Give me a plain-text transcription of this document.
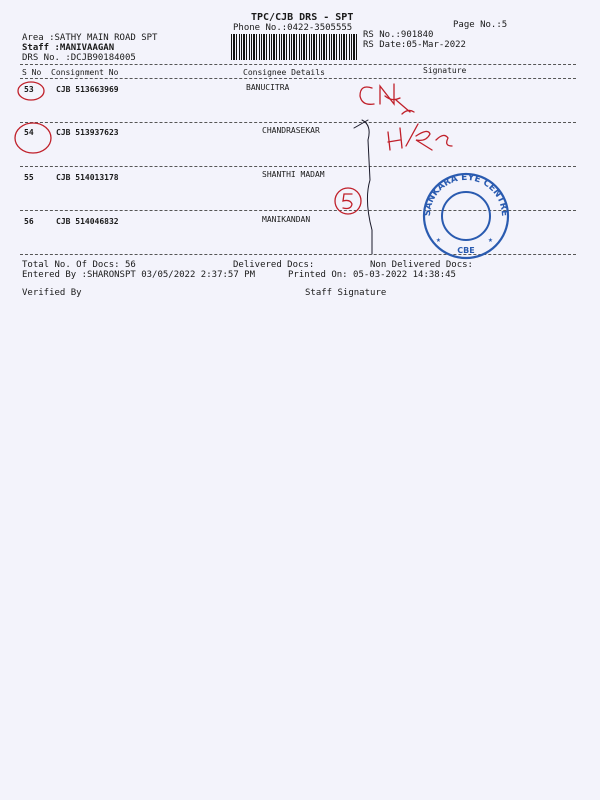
TPC/CJB DRS - SPT
Phone No.:0422-3505555	Page No.:5
Area :SATHY MAIN ROAD SPT
Staff :MANIVAAGAN
DRS No. :DCJB90184005
RS No.:901840
RS Date:05-Mar-2022
S No Consignment No	Consignee Details	Signature
53	CJB 513663969	BANUCITRA
54	CJB 513937623	CHANDRASEKAR
55	CJB 514013178	SHANTHI MADAM
56	CJB 514046832	MANIKANDAN
Total No. Of Docs: 56	Delivered Docs:	Non Delivered Docs:
Entered By :SHARONSPT 03/05/2022 2:37:57 PM	Printed On: 05-03-2022 14:38:45
Verified By	Staff Signature
SANKARA EYE CENTRE
CBE
★	★
